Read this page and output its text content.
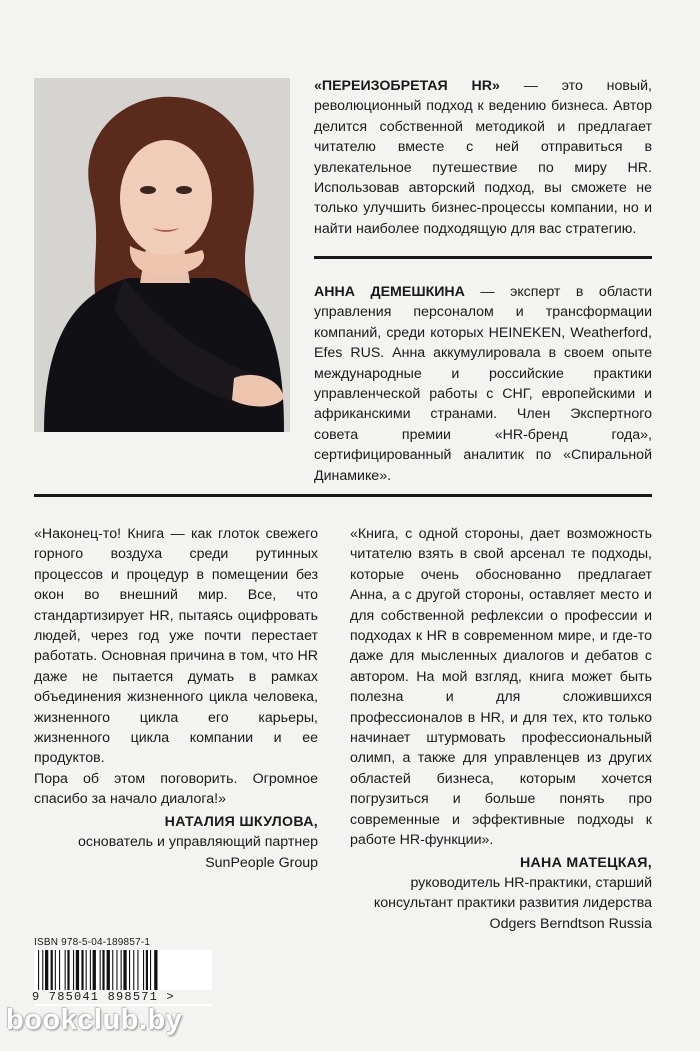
«ПЕРЕИЗОБРЕТАЯ HR» — это новый, революционный подход к ведению бизнеса. Автор делится собственной методикой и предлагает читателю вместе с ней отправиться в увлекательное путешествие по миру HR. Использовав авторский подход, вы сможете не только улучшить бизнес-процессы компании, но и найти наиболее подходящую для вас стратегию.

АННА ДЕМЕШКИНА — эксперт в области управления персоналом и трансформации компаний, среди которых HEINEKEN, Weatherford, Efes RUS. Анна аккумулировала в своем опыте международные и российские практики управленческой работы с СНГ, европейскими и африканскими странами. Член Экспертного совета премии «HR-бренд года», сертифицированный аналитик по «Спиральной Динамике».

«Наконец-то! Книга — как глоток свежего горного воздуха среди рутинных процессов и процедур в помещении без окон во внешний мир. Все, что стандартизирует HR, пытаясь оцифровать людей, через год уже почти перестает работать. Основная причина в том, что HR даже не пытается думать в рамках объединения жизненного цикла человека, жизненного цикла его карьеры, жизненного цикла компании и ее продуктов.

Пора об этом поговорить. Огромное спасибо за начало диалога!»

НАТАЛИЯ ШКУЛОВА,
основатель и управляющий партнер
SunPeople Group

«Книга, с одной стороны, дает возможность читателю взять в свой арсенал те подходы, которые очень обоснованно предлагает Анна, а с другой стороны, оставляет место и для собственной рефлексии о профессии и подходах к HR в современном мире, и где-то даже для мысленных диалогов и дебатов с автором. На мой взгляд, книга может быть полезна и для сложившихся профессионалов в HR, и для тех, кто только начинает штурмовать профессиональный олимп, а также для управленцев из других областей бизнеса, которым хочется погрузиться и больше понять про современные и эффективные подходы к работе HR-функции».

НАНА МАТЕЦКАЯ,
руководитель HR-практики, старший консультант практики развития лидерства Odgers Berndtson Russia
ISBN 978-5-04-189857-1
9 785041 898571 >
bookclub.by
